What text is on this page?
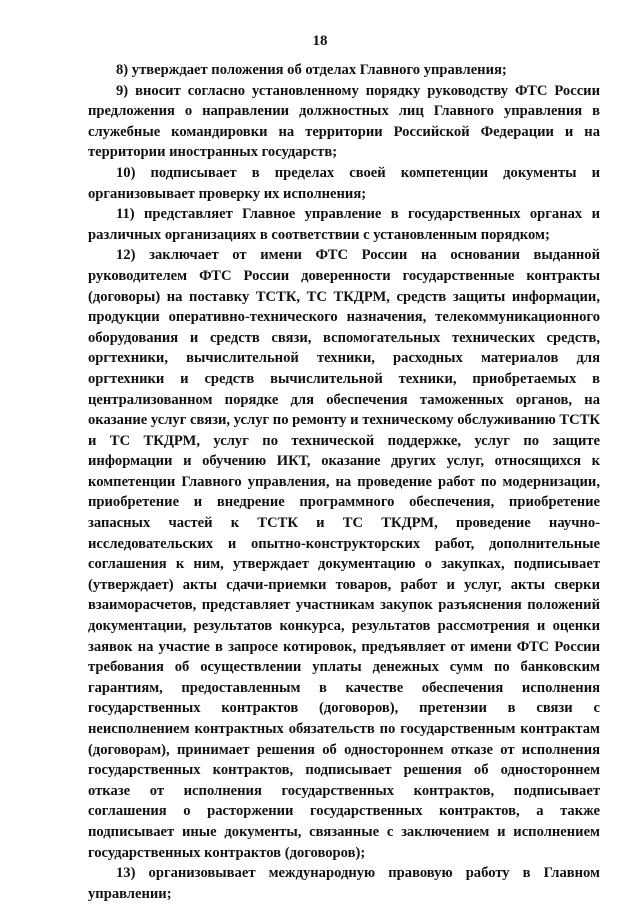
18

8) утверждает положения об отделах Главного управления;

9) вносит согласно установленному порядку руководству ФТС России предложения о направлении должностных лиц Главного управления в служебные командировки на территории Российской Федерации и на территории иностранных государств;

10) подписывает в пределах своей компетенции документы и организовывает проверку их исполнения;

11) представляет Главное управление в государственных органах и различных организациях в соответствии с установленным порядком;

12) заключает от имени ФТС России на основании выданной руководителем ФТС России доверенности государственные контракты (договоры) на поставку ТСТК, ТС ТКДРМ, средств защиты информации, продукции оперативно-технического назначения, телекоммуникационного оборудования и средств связи, вспомогательных технических средств, оргтехники, вычислительной техники, расходных материалов для оргтехники и средств вычислительной техники, приобретаемых в централизованном порядке для обеспечения таможенных органов, на оказание услуг связи, услуг по ремонту и техническому обслуживанию ТСТК и ТС ТКДРМ, услуг по технической поддержке, услуг по защите информации и обучению ИКТ, оказание других услуг, относящихся к компетенции Главного управления, на проведение работ по модернизации, приобретение и внедрение программного обеспечения, приобретение запасных частей к ТСТК и ТС ТКДРМ, проведение научно-исследовательских и опытно-конструкторских работ, дополнительные соглашения к ним, утверждает документацию о закупках, подписывает (утверждает) акты сдачи-приемки товаров, работ и услуг, акты сверки взаиморасчетов, представляет участникам закупок разъяснения положений документации, результатов конкурса, результатов рассмотрения и оценки заявок на участие в запросе котировок, предъявляет от имени ФТС России требования об осуществлении уплаты денежных сумм по банковским гарантиям, предоставленным в качестве обеспечения исполнения государственных контрактов (договоров), претензии в связи с неисполнением контрактных обязательств по государственным контрактам (договорам), принимает решения об одностороннем отказе от исполнения государственных контрактов, подписывает решения об одностороннем отказе от исполнения государственных контрактов, подписывает соглашения о расторжении государственных контрактов, а также подписывает иные документы, связанные с заключением и исполнением государственных контрактов (договоров);

13) организовывает международную правовую работу в Главном управлении;
